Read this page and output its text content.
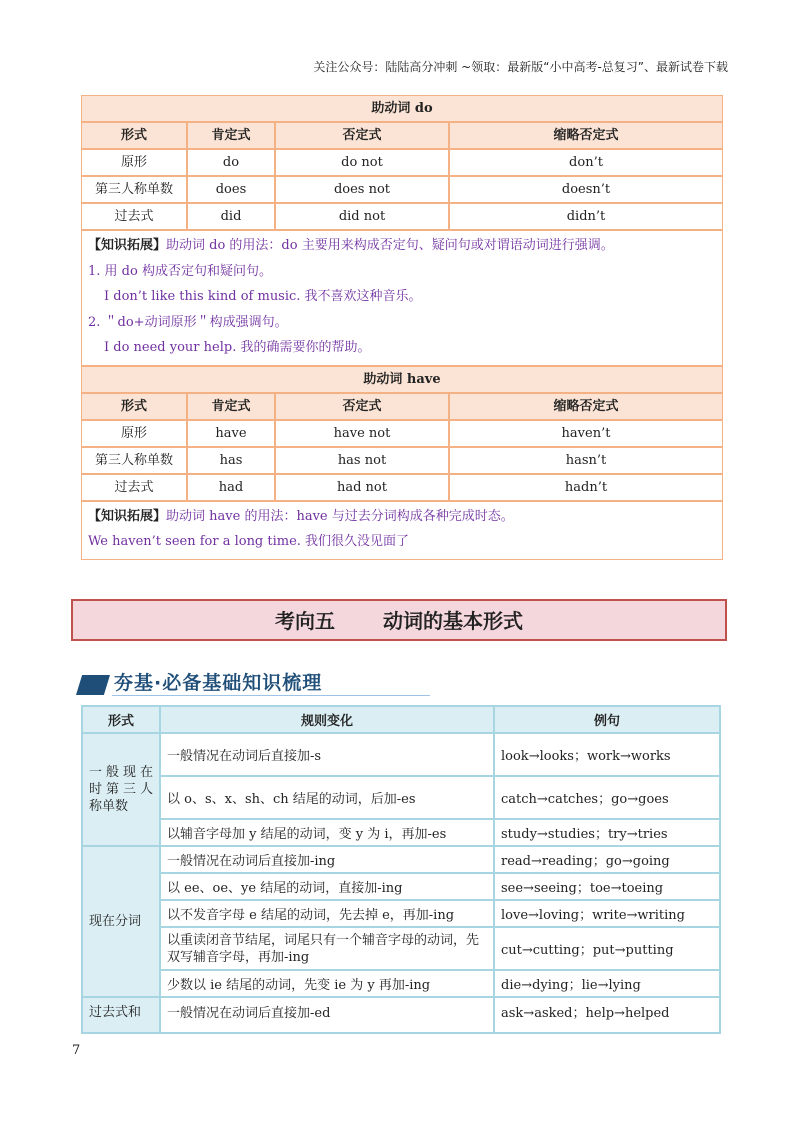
关注公众号：陆陆高分冲刺 ~领取：最新版“小中高考-总复习”、最新试卷下载
助动词 do
形式	肯定式	否定式	缩略否定式
原形	do	do not	don’t
第三人称单数	does	does not	doesn’t
过去式	did	did not	didn’t
【知识拓展】助动词 do 的用法：do 主要用来构成否定句、疑问句或对谓语动词进行强调。
1. 用 do 构成否定句和疑问句。
I don’t like this kind of music. 我不喜欢这种音乐。
2. ＂do+动词原形＂构成强调句。
I do need your help. 我的确需要你的帮助。
助动词 have
形式	肯定式	否定式	缩略否定式
原形	have	have not	haven’t
第三人称单数	has	has not	hasn’t
过去式	had	had not	hadn’t
【知识拓展】助动词 have 的用法：have 与过去分词构成各种完成时态。
We haven’t seen for a long time. 我们很久没见面了
考向五 动词的基本形式
夯基·必备基础知识梳理
形式	规则变化	例句
一般现在时第三人称单数	一般情况在动词后直接加-s	look→looks；work→works
	以 o、s、x、sh、ch 结尾的动词，后加-es	catch→catches；go→goes
	以辅音字母加 y 结尾的动词，变 y 为 i，再加-es	study→studies；try→tries
现在分词	一般情况在动词后直接加-ing	read→reading；go→going
	以 ee、oe、ye 结尾的动词，直接加-ing	see→seeing；toe→toeing
	以不发音字母 e 结尾的动词，先去掉 e，再加-ing	love→loving；write→writing
	以重读闭音节结尾，词尾只有一个辅音字母的动词，先双写辅音字母，再加-ing	cut→cutting；put→putting
	少数以 ie 结尾的动词，先变 ie 为 y 再加-ing	die→dying；lie→lying
过去式和	一般情况在动词后直接加-ed	ask→asked；help→helped
7
